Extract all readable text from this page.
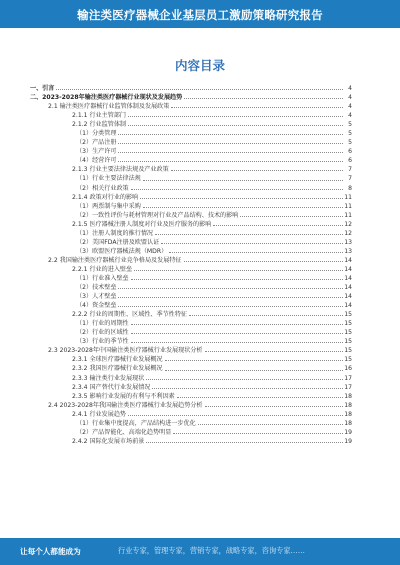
输注类医疗器械企业基层员工激励策略研究报告
内容目录
一、引言	4
二、2023-2028年输注类医疗器械行业现状及发展趋势	4
2.1 输注类医疗器械行业监管体制及发展政策	4
2.1.1 行业主管部门	4
2.1.2 行业监管体制	5
（1）分类管理	5
（2）产品注册	5
（3）生产许可	6
（4）经营许可	6
2.1.3 行业主要法律法规及产业政策	7
（1）行业主要法律法规	7
（2）相关行业政策	8
2.1.4 政策对行业的影响	11
（1）两票制与集中采购	11
（2）一致性评价与耗材管理对行业及产品结构、技术的影响	11
2.1.5 医疗器械注册人制度对行业及医疗服务的影响	12
（1）注册人制度的推行情况	12
（2）美国FDA注册及欧盟认证	13
（3）欧盟医疗器械法规（MDR）	13
2.2 我国输注类医疗器械行业竞争格局及发展特征	14
2.2.1 行业的进入壁垒	14
（1）行业准入壁垒	14
（2）技术壁垒	14
（3）人才壁垒	14
（4）资金壁垒	14
2.2.2 行业的周期性、区域性、季节性特征	15
（1）行业的周期性	15
（2）行业的区域性	15
（3）行业的季节性	15
2.3 2023-2028年中国输注类医疗器械行业发展现状分析	15
2.3.1 全球医疗器械行业发展概况	15
2.3.2 我国医疗器械行业发展概况	16
2.3.3 输注类行业发展现状	17
2.3.4 国产替代行业发展情况	17
2.3.5 影响行业发展的有利与不利因素	18
2.4 2023-2028年我国输注类医疗器械行业发展趋势分析	18
2.4.1 行业发展趋势	18
（1）行业集中度提高，产品结构进一步优化	18
（2）产品智能化、高端化趋势明显	19
2.4.2 国际化发展市场前景	19
让每个人都能成为	行业专家，管理专家，营销专家，战略专家，咨询专家……
